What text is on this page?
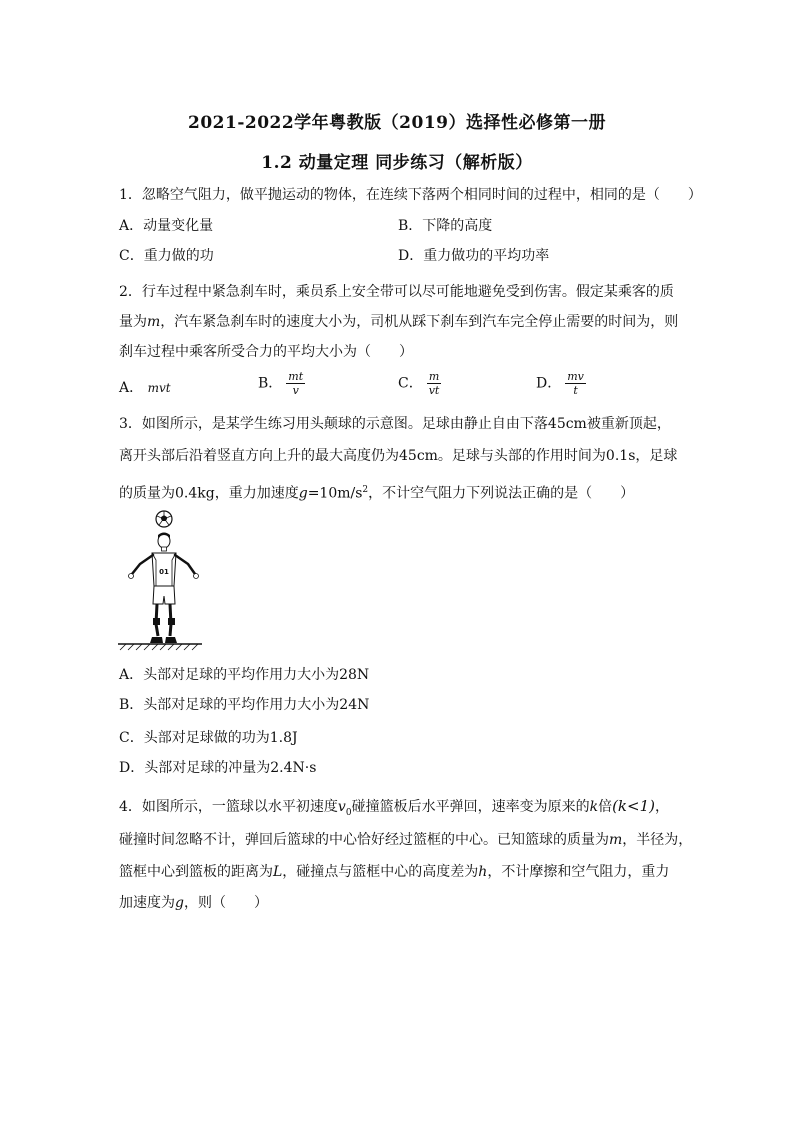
2021-2022学年粤教版（2019）选择性必修第一册
1.2 动量定理 同步练习（解析版）
1．忽略空气阻力，做平抛运动的物体，在连续下落两个相同时间的过程中，相同的是（　　）
A．动量变化量	B．下降的高度
C．重力做的功	D．重力做功的平均功率
2．行车过程中紧急刹车时，乘员系上安全带可以尽可能地避免受到伤害。假定某乘客的质
量为m，汽车紧急刹车时的速度大小为，司机从踩下刹车到汽车完全停止需要的时间为，则
刹车过程中乘客所受合力的平均大小为（　　）
A． mvt	B． $\frac{mt}{v}$	C． $\frac{m}{vt}$	D． $\frac{mv}{t}$
3．如图所示，是某学生练习用头颠球的示意图。足球由静止自由下落45cm被重新顶起，
离开头部后沿着竖直方向上升的最大高度仍为45cm。足球与头部的作用时间为0.1s，足球
的质量为0.4kg，重力加速度$g=10m/s^2$，不计空气阻力下列说法正确的是（　　）
01
A．头部对足球的平均作用力大小为28N
B．头部对足球的平均作用力大小为24N
C．头部对足球做的功为1.8J
D．头部对足球的冲量为2.4N·s
4．如图所示，一篮球以水平初速度$v_0$碰撞篮板后水平弹回，速率变为原来的k倍(k<1)，
碰撞时间忽略不计，弹回后篮球的中心恰好经过篮框的中心。已知篮球的质量为m，半径为，
篮框中心到篮板的距离为L，碰撞点与篮框中心的高度差为h，不计摩擦和空气阻力，重力
加速度为g，则（　　）
